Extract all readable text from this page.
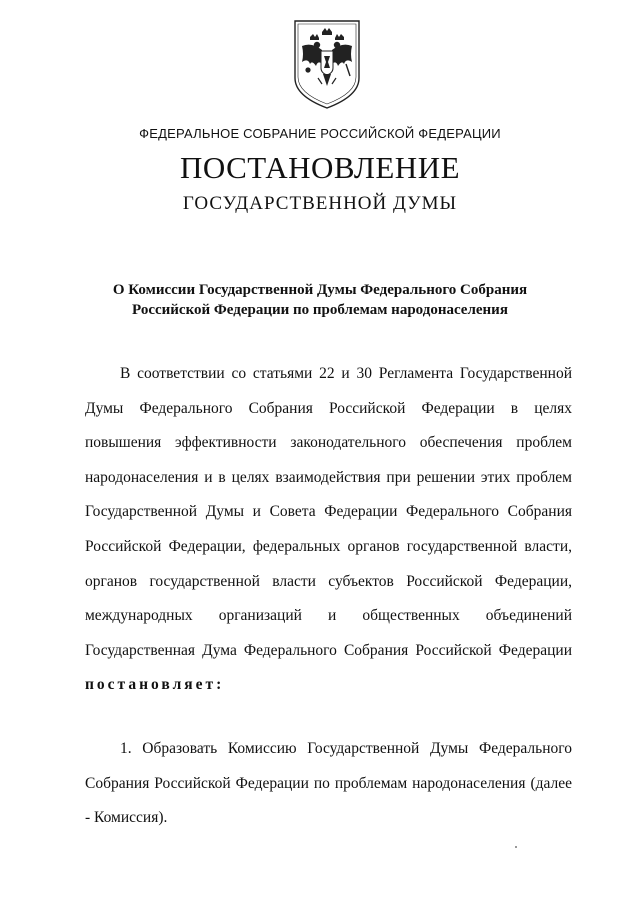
ФЕДЕРАЛЬНОЕ СОБРАНИЕ РОССИЙСКОЙ ФЕДЕРАЦИИ
ПОСТАНОВЛЕНИЕ
ГОСУДАРСТВЕННОЙ ДУМЫ
О Комиссии Государственной Думы Федерального Собрания
Российской Федерации по проблемам народонаселения

В соответствии со статьями 22 и 30 Регламента Государственной Думы Федерального Собрания Российской Федерации в целях повышения эффективности законодательного обеспечения проблем народонаселения и в целях взаимодействия при решении этих проблем Государственной Думы и Совета Федерации Федерального Собрания Российской Федерации, федеральных органов государственной власти, органов государственной власти субъектов Российской Федерации, международных организаций и общественных объединений Государственная Дума Федерального Собрания Российской Федерации постановляет:

1. Образовать Комиссию Государственной Думы Федерального Собрания Российской Федерации по проблемам народонаселения (далее - Комиссия).
